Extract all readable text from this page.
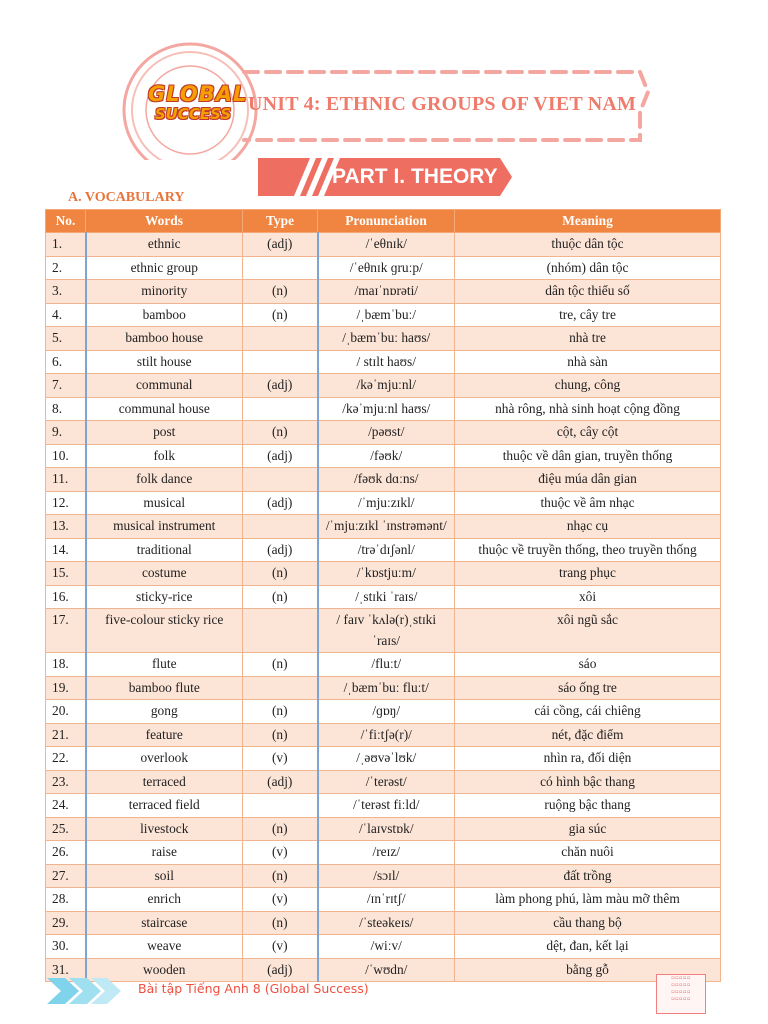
GLOBAL
SUCCESS UNIT 4: ETHNIC GROUPS OF VIET NAM
PART I. THEORY
A. VOCABULARY
No.	Words	Type	Pronunciation	Meaning
1.	ethnic	(adj)	/ˈeθnɪk/	thuộc dân tộc
2.	ethnic group		/ˈeθnɪk ɡruːp/	(nhóm) dân tộc
3.	minority	(n)	/maɪˈnɒrəti/	dân tộc thiểu số
4.	bamboo	(n)	/ˌbæmˈbuː/	tre, cây tre
5.	bamboo house		/ˌbæmˈbuː haʊs/	nhà tre
6.	stilt house		/ stɪlt haʊs/	nhà sàn
7.	communal	(adj)	/kəˈmjuːnl/	chung, công
8.	communal house		/kəˈmjuːnl haʊs/	nhà rông, nhà sinh hoạt cộng đồng
9.	post	(n)	/pəʊst/	cột, cây cột
10.	folk	(adj)	/fəʊk/	thuộc về dân gian, truyền thống
11.	folk dance		/fəʊk dɑːns/	điệu múa dân gian
12.	musical	(adj)	/ˈmjuːzɪkl/	thuộc về âm nhạc
13.	musical instrument		/ˈmjuːzɪkl ˈɪnstrəmənt/	nhạc cụ
14.	traditional	(adj)	/trəˈdɪʃənl/	thuộc về truyền thống, theo truyền thống
15.	costume	(n)	/ˈkɒstjuːm/	trang phục
16.	sticky-rice	(n)	/ˌstɪki ˈraɪs/	xôi
17.	five-colour sticky rice		/ faɪv ˈkʌlə(r)ˌstɪki ˈraɪs/	xôi ngũ sắc
18.	flute	(n)	/fluːt/	sáo
19.	bamboo flute		/ˌbæmˈbuː fluːt/	sáo ống tre
20.	gong	(n)	/ɡɒŋ/	cái cồng, cái chiêng
21.	feature	(n)	/ˈfiːtʃə(r)/	nét, đặc điểm
22.	overlook	(v)	/ˌəʊvəˈlʊk/	nhìn ra, đối diện
23.	terraced	(adj)	/ˈterəst/	có hình bậc thang
24.	terraced field		/ˈterəst fiːld/	ruộng bậc thang
25.	livestock	(n)	/ˈlaɪvstɒk/	gia súc
26.	raise	(v)	/reɪz/	chăn nuôi
27.	soil	(n)	/sɔɪl/	đất trồng
28.	enrich	(v)	/ɪnˈrɪtʃ/	làm phong phú, làm màu mỡ thêm
29.	staircase	(n)	/ˈsteəkeɪs/	cầu thang bộ
30.	weave	(v)	/wiːv/	dệt, đan, kết lại
31.	wooden	(adj)	/ˈwʊdn/	bằng gỗ
Bài tập Tiếng Anh 8 (Global Success)
▫▫▫▫▫
▫▫▫▫▫
▫▫▫▫▫
▫▫▫▫▫
